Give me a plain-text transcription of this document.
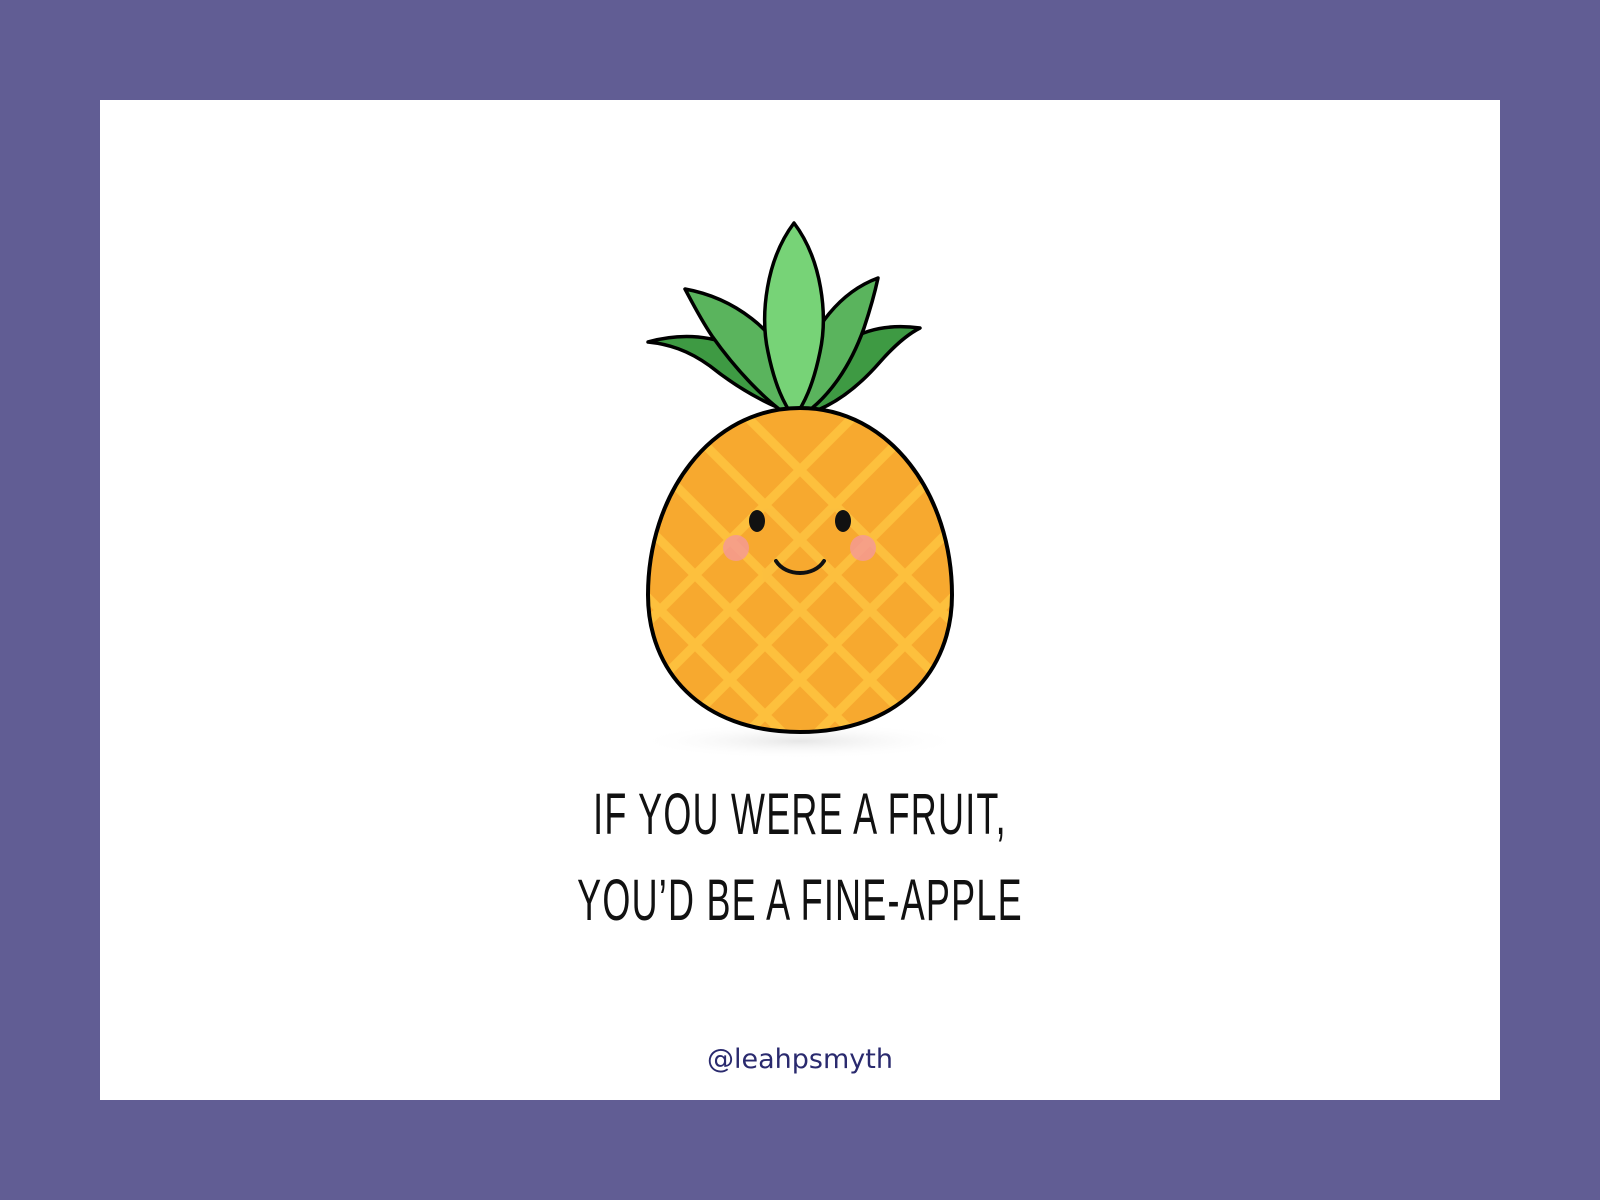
IF YOU WERE A FRUIT,
YOU’D BE A FINE-APPLE
@leahpsmyth
